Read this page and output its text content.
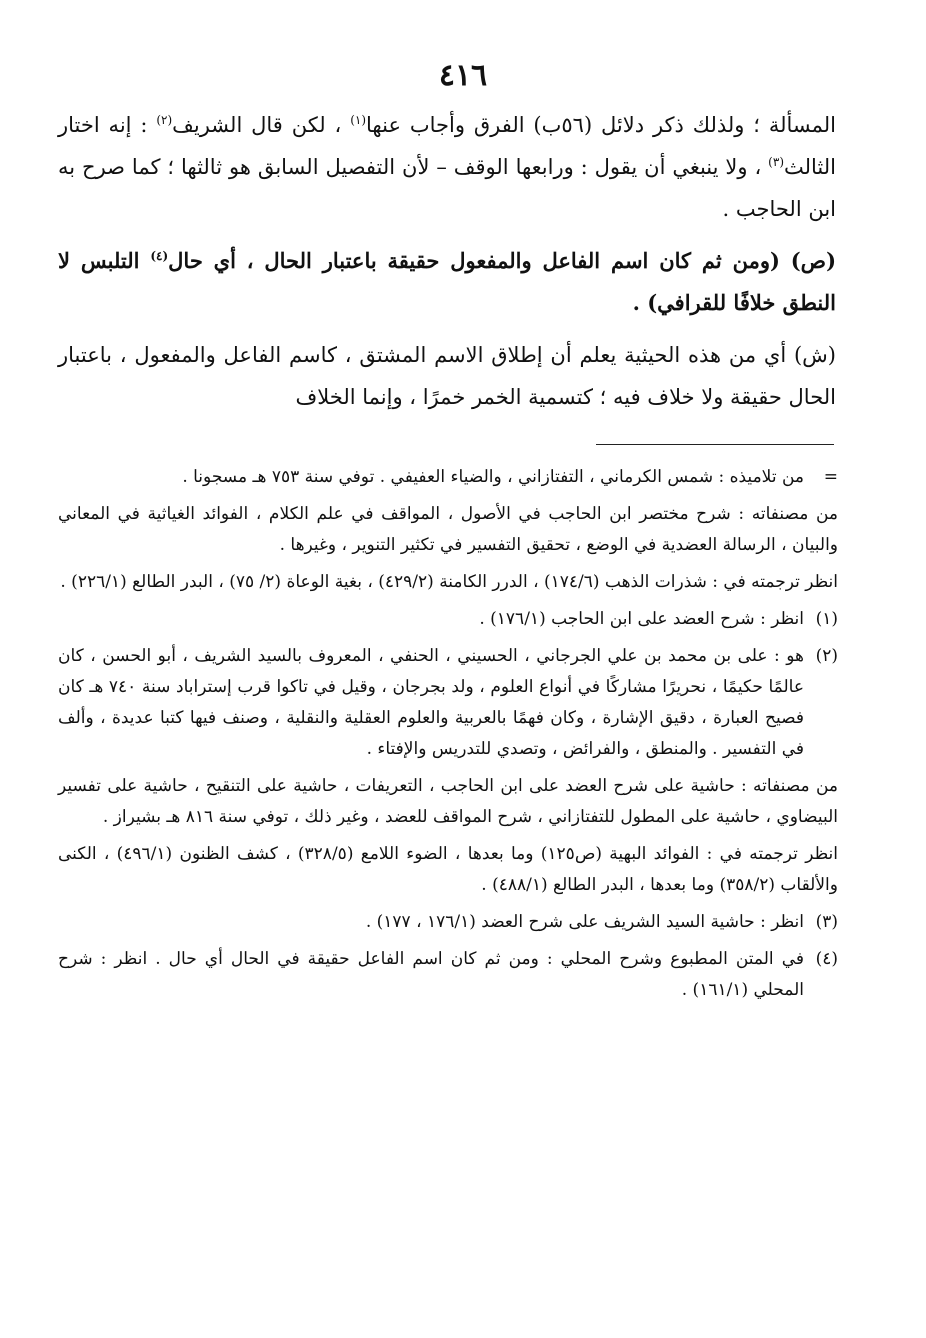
٤١٦

المسألة ؛ ولذلك ذكر دلائل (٥٦ب) الفرق وأجاب عنها$^{(١)}$ ، لكن قال الشريف$^{(٢)}$ : إنه اختار الثالث$^{(٣)}$ ، ولا ينبغي أن يقول : ورابعها الوقف – لأن التفصيل السابق هو ثالثها ؛ كما صرح به ابن الحاجب .

(ص) (ومن ثم كان اسم الفاعل والمفعول حقيقة باعتبار الحال ، أي حال$^{(٤)}$ التلبس لا النطق خلافًا للقرافي) .

(ش) أي من هذه الحيثية يعلم أن إطلاق الاسم المشتق ، كاسم الفاعل والمفعول ، باعتبار الحال حقيقة ولا خلاف فيه ؛ كتسمية الخمر خمرًا ، وإنما الخلاف

=
من تلاميذه : شمس الكرماني ، التفتازاني ، والضياء العفيفي . توفي سنة ٧٥٣ هـ مسجونا .
من مصنفاته : شرح مختصر ابن الحاجب في الأصول ، المواقف في علم الكلام ، الفوائد الغياثية في المعاني والبيان ، الرسالة العضدية في الوضع ، تحقيق التفسير في تكثير التنوير ، وغيرها .
انظر ترجمته في : شذرات الذهب (١٧٤/٦) ، الدرر الكامنة (٤٢٩/٢) ، بغية الوعاة (٢/ ٧٥) ، البدر الطالع (٢٢٦/١) .
(١)
انظر : شرح العضد على ابن الحاجب (١٧٦/١) .
(٢)
هو : على بن محمد بن علي الجرجاني ، الحسيني ، الحنفي ، المعروف بالسيد الشريف ، أبو الحسن ، كان عالمًا حكيمًا ، نحريرًا مشاركًا في أنواع العلوم ، ولد بجرجان ، وقيل في تاكوا قرب إستراباد سنة ٧٤٠ هـ كان فصيح العبارة ، دقيق الإشارة ، وكان فهمًا بالعربية والعلوم العقلية والنقلية ، وصنف فيها كتبا عديدة ، وألف في التفسير . والمنطق ، والفرائض ، وتصدي للتدريس والإفتاء .
من مصنفاته : حاشية على شرح العضد على ابن الحاجب ، التعريفات ، حاشية على التنقيح ، حاشية على تفسير البيضاوي ، حاشية على المطول للتفتازاني ، شرح المواقف للعضد ، وغير ذلك ، توفي سنة ٨١٦ هـ بشيراز .
انظر ترجمته في : الفوائد البهية (ص١٢٥) وما بعدها ، الضوء اللامع (٣٢٨/٥) ، كشف الظنون (٤٩٦/١) ، الكنى والألقاب (٣٥٨/٢) وما بعدها ، البدر الطالع (٤٨٨/١) .
(٣)
انظر : حاشية السيد الشريف على شرح العضد (١٧٦/١ ، ١٧٧) .
(٤)
في المتن المطبوع وشرح المحلي : ومن ثم كان اسم الفاعل حقيقة في الحال أي حال . انظر : شرح المحلي (١٦١/١) .
